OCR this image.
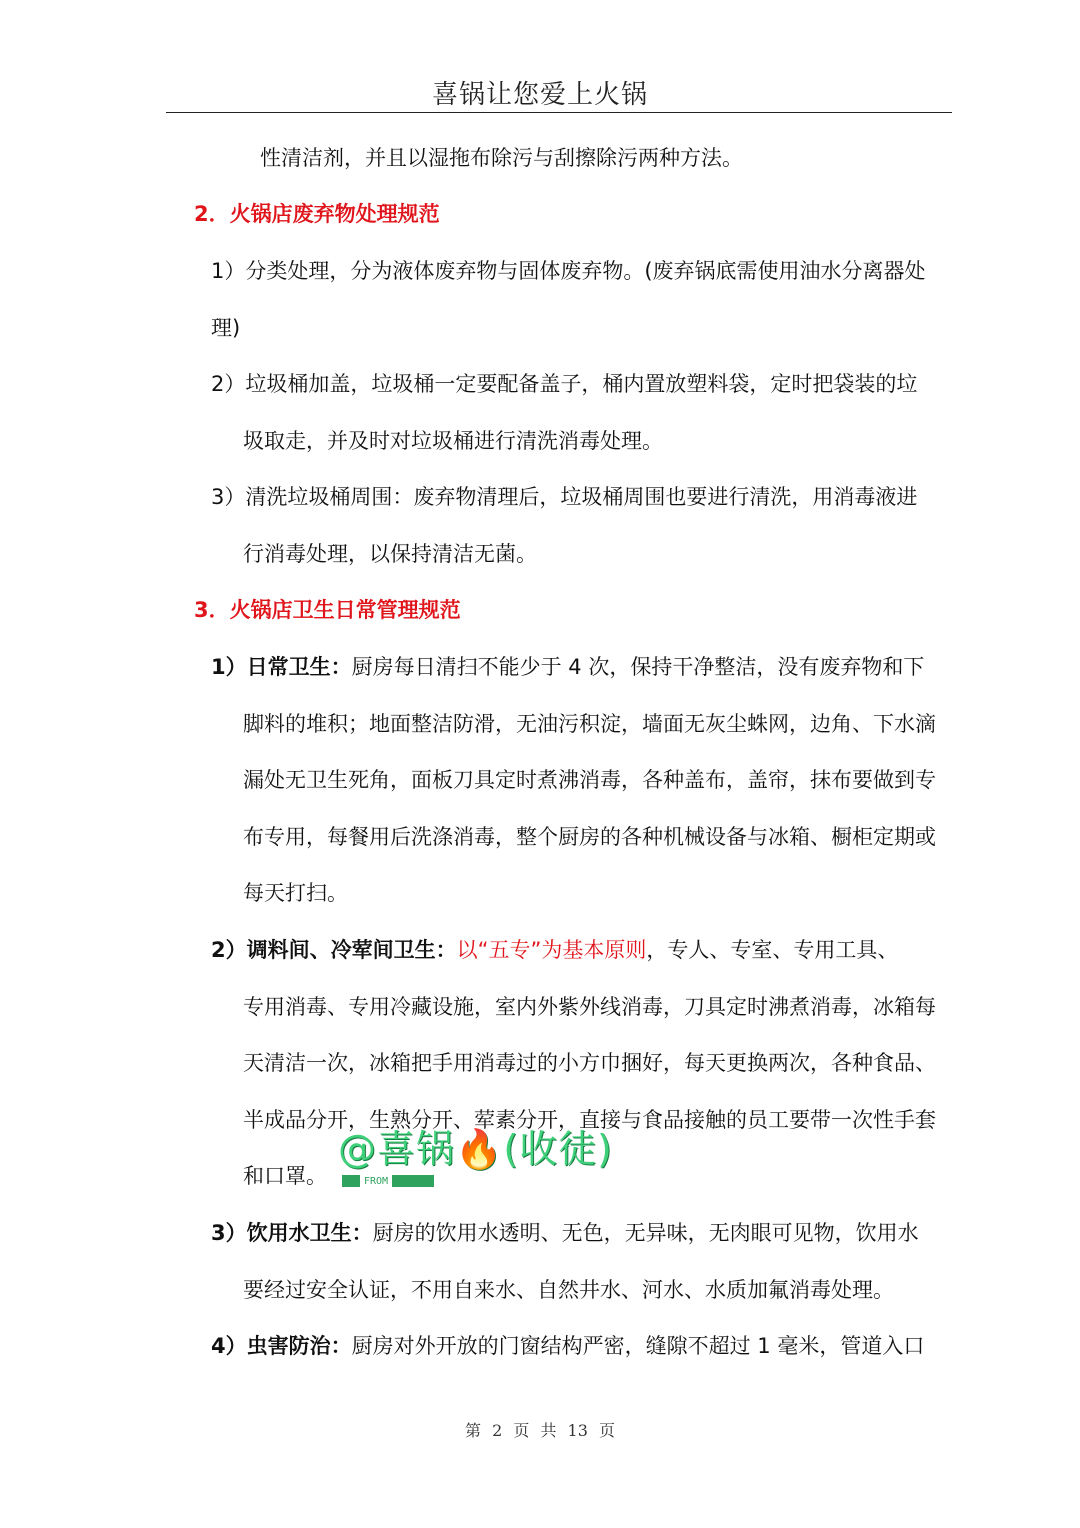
喜锅让您爱上火锅
性清洁剂，并且以湿拖布除污与刮擦除污两种方法。
2．火锅店废弃物处理规范
1）分类处理，分为液体废弃物与固体废弃物。(废弃锅底需使用油水分离器处
理)
2）垃圾桶加盖，垃圾桶一定要配备盖子，桶内置放塑料袋，定时把袋装的垃
圾取走，并及时对垃圾桶进行清洗消毒处理。
3）清洗垃圾桶周围：废弃物清理后，垃圾桶周围也要进行清洗，用消毒液进
行消毒处理，以保持清洁无菌。
3．火锅店卫生日常管理规范
1）日常卫生：厨房每日清扫不能少于 4 次，保持干净整洁，没有废弃物和下
脚料的堆积；地面整洁防滑，无油污积淀，墙面无灰尘蛛网，边角、下水滴
漏处无卫生死角，面板刀具定时煮沸消毒，各种盖布，盖帘，抹布要做到专
布专用，每餐用后洗涤消毒，整个厨房的各种机械设备与冰箱、橱柜定期或
每天打扫。
2）调料间、冷荤间卫生：以“五专”为基本原则，专人、专室、专用工具、
专用消毒、专用冷藏设施，室内外紫外线消毒，刀具定时沸煮消毒，冰箱每
天清洁一次，冰箱把手用消毒过的小方巾捆好，每天更换两次，各种食品、
半成品分开，生熟分开、荤素分开，直接与食品接触的员工要带一次性手套
和口罩。
3）饮用水卫生：厨房的饮用水透明、无色，无异味，无肉眼可见物，饮用水
要经过安全认证，不用自来水、自然井水、河水、水质加氟消毒处理。
4）虫害防治：厨房对外开放的门窗结构严密，缝隙不超过 1 毫米，管道入口
@喜锅🔥(收徒)
FROM
第 2 页 共 13 页
